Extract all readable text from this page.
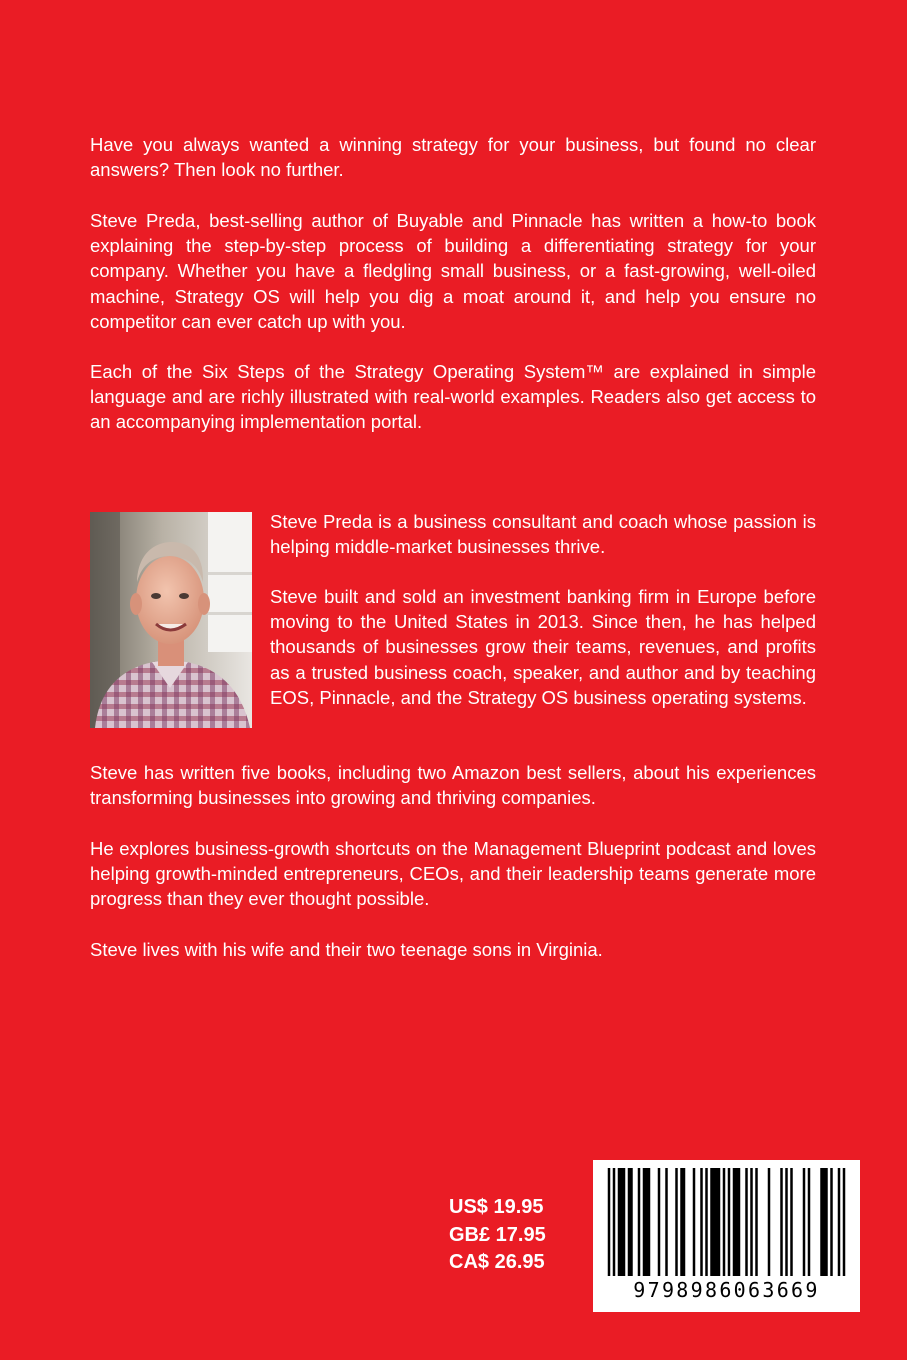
Have you always wanted a winning strategy for your business, but found no clear answers? Then look no further.

Steve Preda, best-selling author of Buyable and Pinnacle has written a how-to book explaining the step-by-step process of building a differentiating strategy for your company. Whether you have a fledgling small business, or a fast-growing, well-oiled machine, Strategy OS will help you dig a moat around it, and help you ensure no competitor can ever catch up with you.

Each of the Six Steps of the Strategy Operating System™ are explained in simple language and are richly illustrated with real-world examples. Readers also get access to an accompanying implementation portal.

Steve Preda is a business consultant and coach whose passion is helping middle-market businesses thrive.

Steve built and sold an investment banking firm in Europe before moving to the United States in 2013. Since then, he has helped thousands of businesses grow their teams, revenues, and profits as a trusted business coach, speaker, and author and by teaching EOS, Pinnacle, and the Strategy OS business operating systems.

Steve has written five books, including two Amazon best sellers, about his experiences transforming businesses into growing and thriving companies.

He explores business-growth shortcuts on the Management Blueprint podcast and loves helping growth-minded entrepreneurs, CEOs, and their leadership teams generate more progress than they ever thought possible.

Steve lives with his wife and their two teenage sons in Virginia.

US$ 19.95
GB£ 17.95
CA$ 26.95
9798986063669
